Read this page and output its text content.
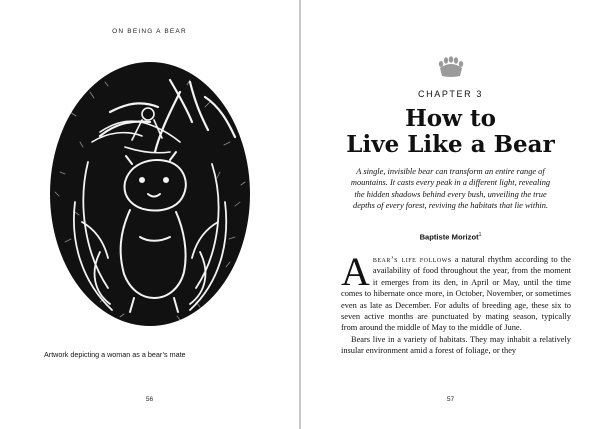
ON BEING A BEAR
Artwork depicting a woman as a bear’s mate
56
CHAPTER 3
How to
Live Like a Bear
A single, invisible bear can transform an entire range of mountains. It casts every peak in a different light, revealing the hidden shadows behind every bush, unveiling the true depths of every forest, reviving the habitats that lie within.
Baptiste Morizot$^1$

Abear’s life follows a natural rhythm according to the availability of food throughout the year, from the moment it emerges from its den, in April or May, until the time comes to hibernate once more, in October, November, or sometimes even as late as December. For adults of breeding age, these six to seven active months are punctuated by mating season, typically from around the middle of May to the middle of June.

Bears live in a variety of habitats. They may inhabit a relatively insular environment amid a forest of foliage, or they

57
